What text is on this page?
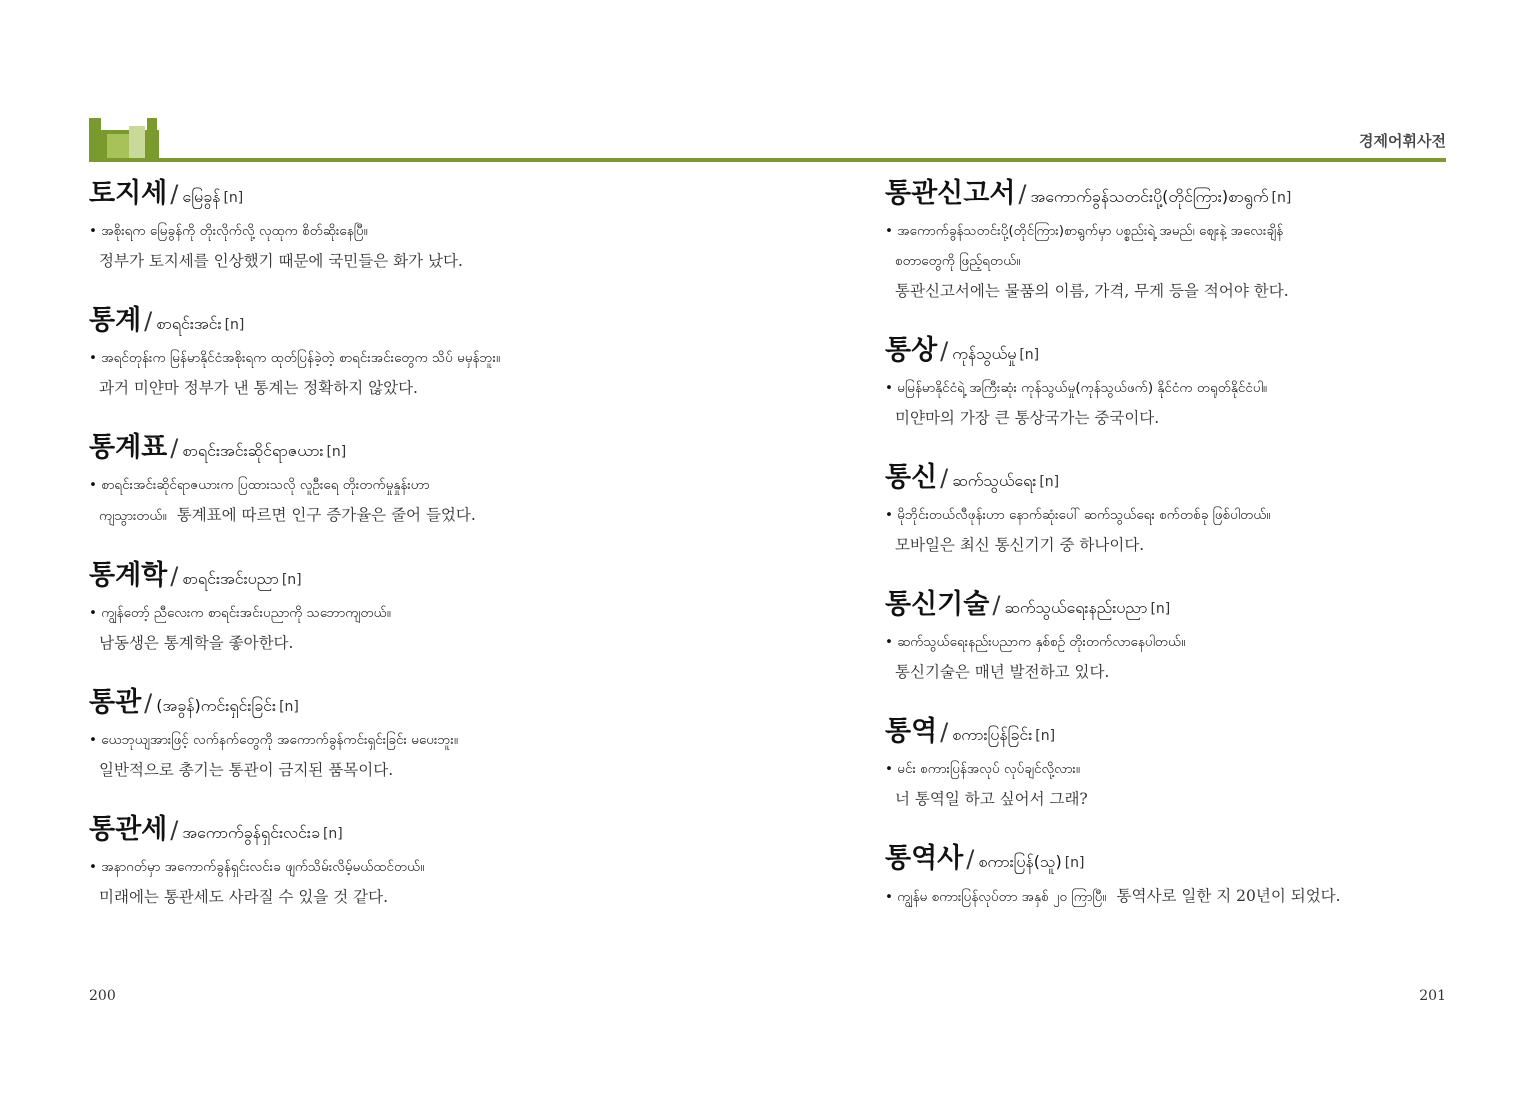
경제어휘사전
토지세 / မြေခွန် [n]
• အစိုးရက မြေခွန်ကို တိုးလိုက်လို့ လုထုက စိတ်ဆိုးနေပြီ။
정부가 토지세를 인상했기 때문에 국민들은 화가 났다.
통계 / စာရင်းအင်း [n]
• အရင်တုန်းက မြန်မာနိုင်ငံအစိုးရက ထုတ်ပြန်ခဲ့တဲ့ စာရင်းအင်းတွေက သိပ် မမှန်ဘူး။
과거 미얀마 정부가 낸 통계는 정확하지 않았다.
통계표 / စာရင်းအင်းဆိုင်ရာဇယား [n]
• စာရင်းအင်းဆိုင်ရာဇယားက ပြထားသလို လူဦးရေ တိုးတက်မှုနှုန်းဟာ
ကျသွားတယ်။ 통계표에 따르면 인구 증가율은 줄어 들었다.
통계학 / စာရင်းအင်းပညာ [n]
• ကျွန်တော့် ညီလေးက စာရင်းအင်းပညာကို သဘောကျတယ်။
남동생은 통계학을 좋아한다.
통관 / (အခွန်)ကင်းရှင်းခြင်း [n]
• ယေဘုယျအားဖြင့် လက်နက်တွေကို အကောက်ခွန်ကင်းရှင်းခြင်း မပေးဘူး။
일반적으로 총기는 통관이 금지된 품목이다.
통관세 / အကောက်ခွန်ရှင်းလင်းခ [n]
• အနာဂတ်မှာ အကောက်ခွန်ရှင်းလင်းခ ဖျက်သိမ်းလိမ့်မယ်ထင်တယ်။
미래에는 통관세도 사라질 수 있을 것 같다.
통관신고서 / အကောက်ခွန်သတင်းပို့(တိုင်ကြား)စာရွက် [n]
• အကောက်ခွန်သတင်းပို့(တိုင်ကြား)စာရွက်မှာ ပစ္စည်းရဲ့ အမည်၊ ဈေးနဲ့ အလေးချိန်
စတာတွေကို ဖြည့်ရတယ်။
통관신고서에는 물품의 이름, 가격, 무게 등을 적어야 한다.
통상 / ကုန်သွယ်မှု [n]
• မမြန်မာနိုင်ငံရဲ့ အကြီးဆုံး ကုန်သွယ်မှု(ကုန်သွယ်ဖက်) နိုင်ငံက တရုတ်နိုင်ငံပါ။
미얀마의 가장 큰 통상국가는 중국이다.
통신 / ဆက်သွယ်ရေး [n]
• မိုဘိုင်းတယ်လီဖုန်းဟာ နောက်ဆုံးပေါ် ဆက်သွယ်ရေး စက်တစ်ခု ဖြစ်ပါတယ်။
모바일은 최신 통신기기 중 하나이다.
통신기술 / ဆက်သွယ်ရေးနည်းပညာ [n]
• ဆက်သွယ်ရေးနည်းပညာက နှစ်စဉ် တိုးတက်လာနေပါတယ်။
통신기술은 매년 발전하고 있다.
통역 / စကားပြန်ခြင်း [n]
• မင်း စကားပြန်အလုပ် လုပ်ချင်လို့လား။
너 통역일 하고 싶어서 그래?
통역사 / စကားပြန်(သူ) [n]
• ကျွန်မ စကားပြန်လုပ်တာ အနှစ် ၂၀ ကြာပြီ။ 통역사로 일한 지 20년이 되었다.
200	201
